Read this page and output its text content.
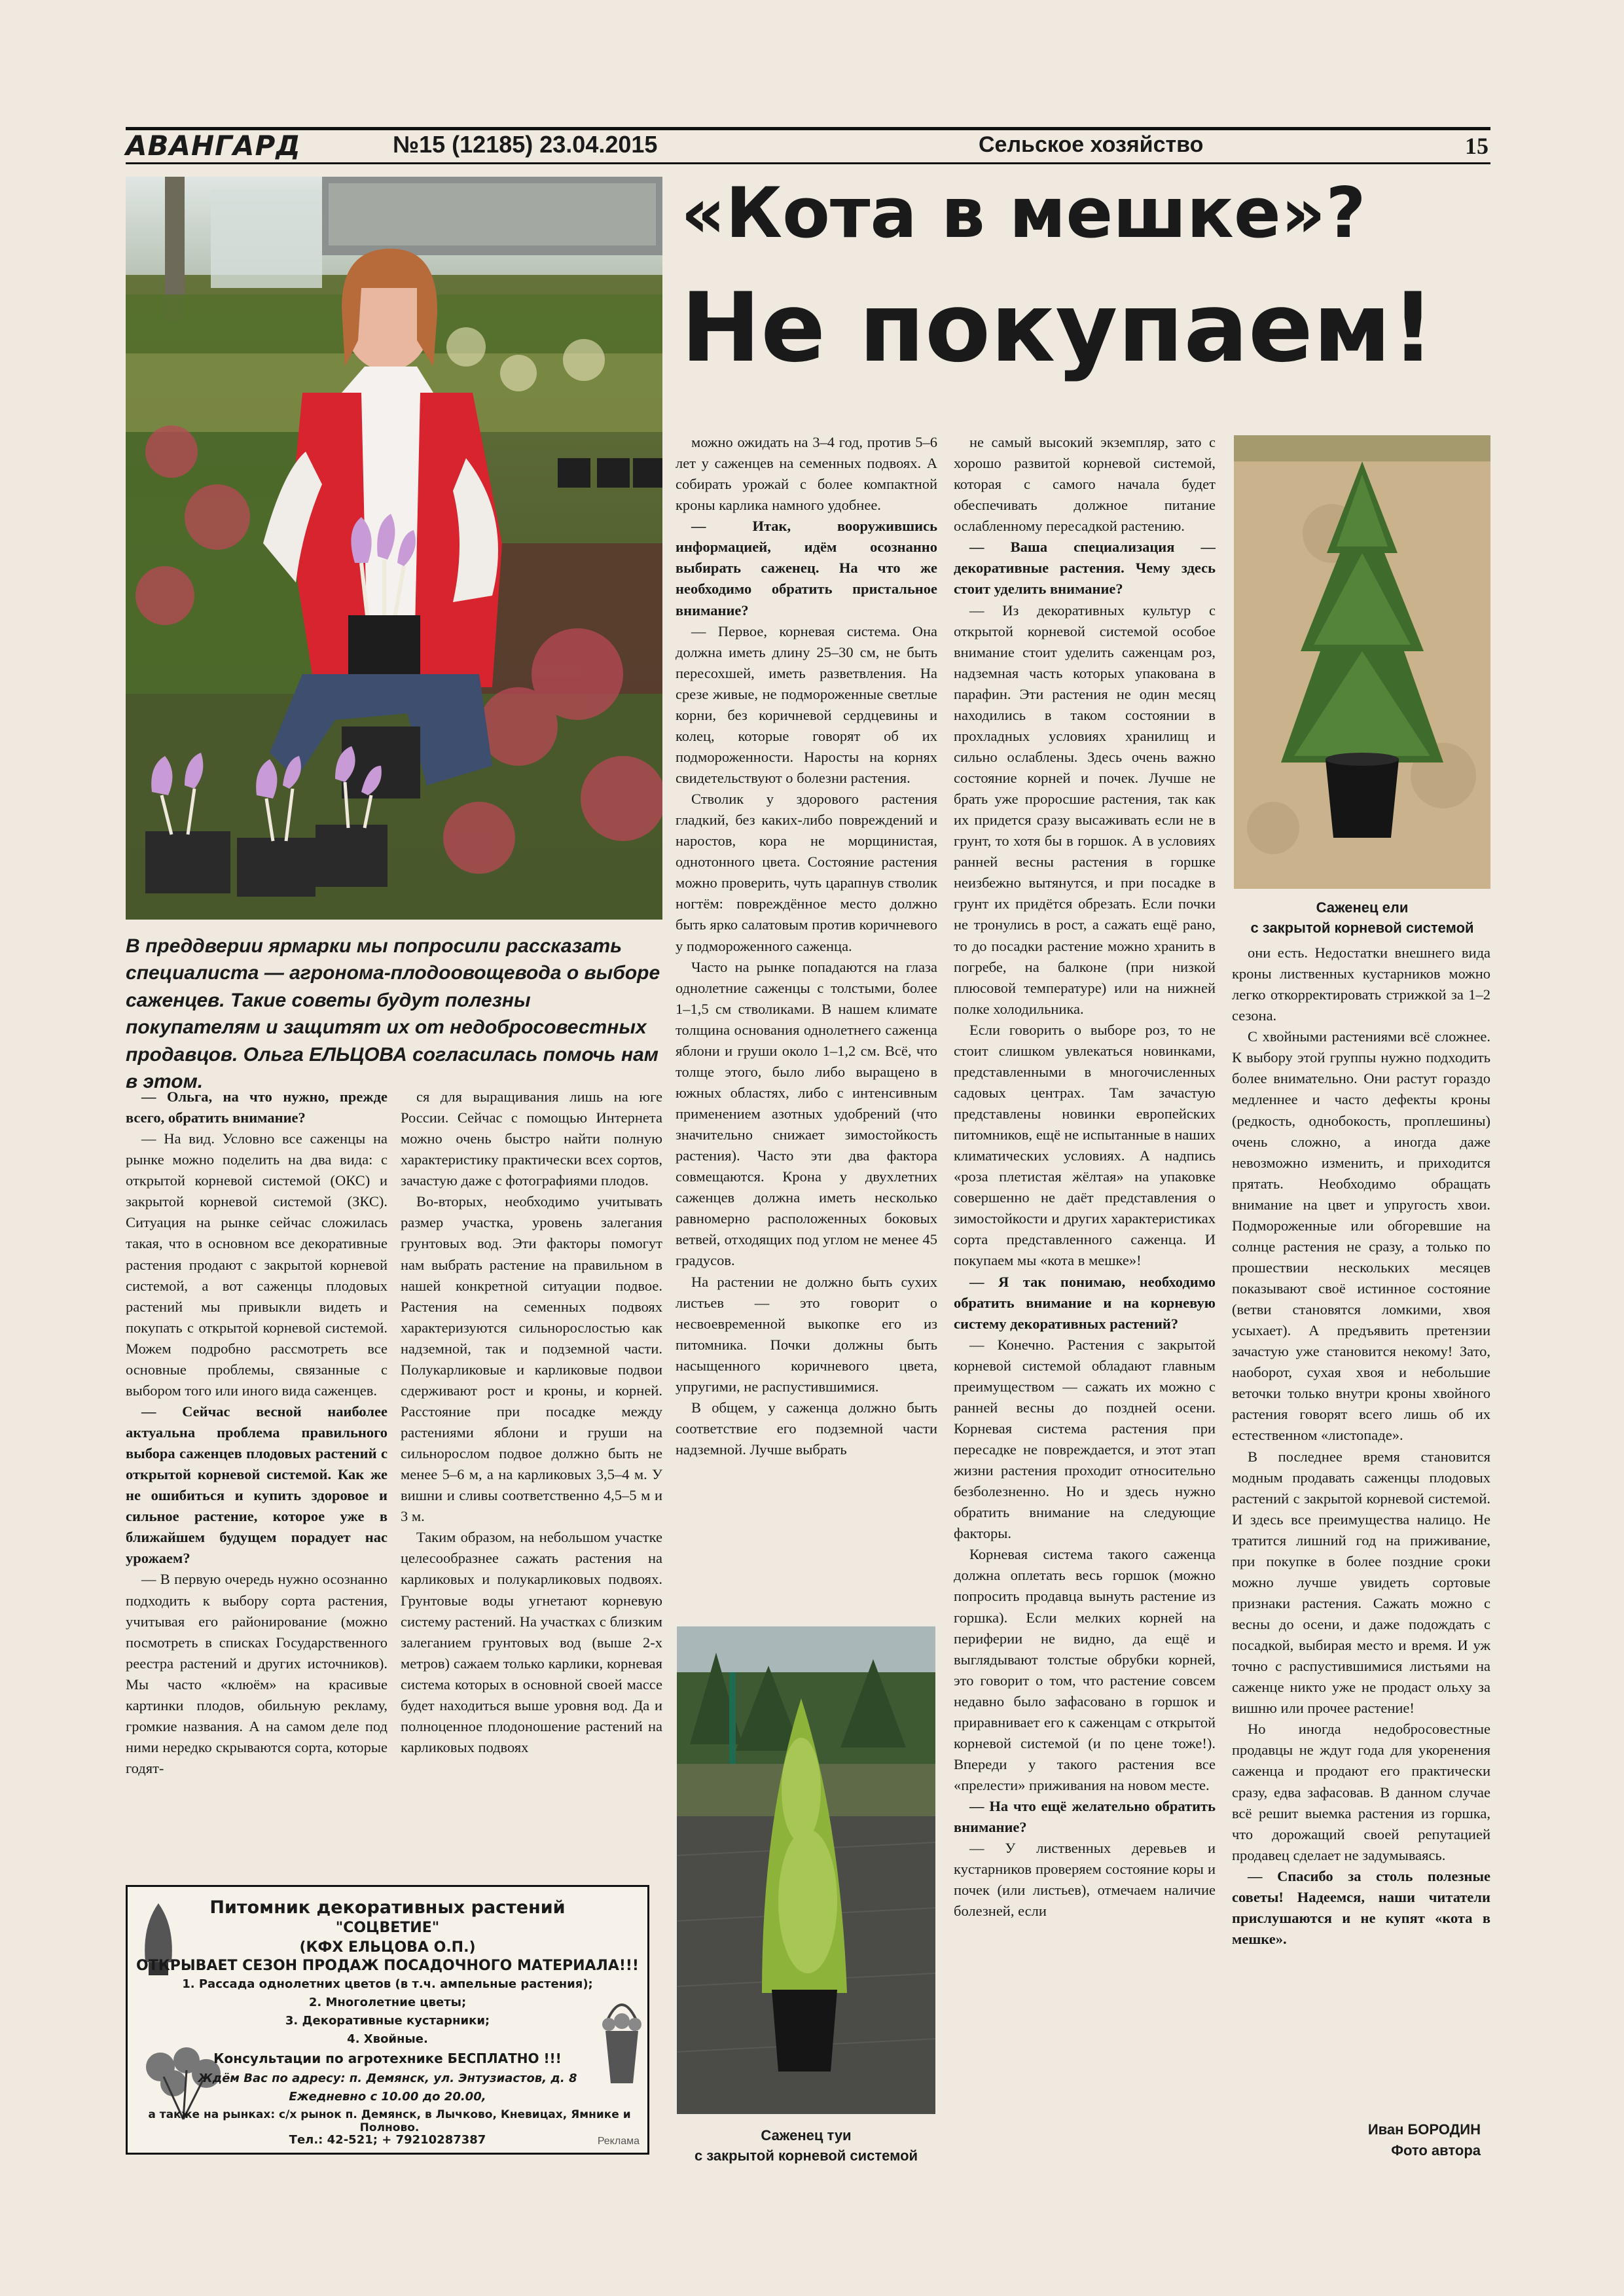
АВАНГАРД	№15 (12185) 23.04.2015	Сельское хозяйство	15
«Кота в мешке»?
Не покупаем!
В преддверии ярмарки мы попросили рассказать специалиста — агронома-плодоовощевода о выборе саженцев. Такие советы будут полезны покупателям и защитят их от недобросовестных продавцов. Ольга ЕЛЬЦОВА согласилась помочь нам в этом.

— Ольга, на что нужно, прежде всего, обратить внимание?

— На вид. Условно все саженцы на рынке можно поделить на два вида: с открытой корневой системой (ОКС) и закрытой корневой системой (ЗКС). Ситуация на рынке сейчас сложилась такая, что в основном все декоративные растения продают с закрытой корневой системой, а вот саженцы плодовых растений мы привыкли видеть и покупать с открытой корневой системой. Можем подробно рассмотреть все основные проблемы, связанные с выбором того или иного вида саженцев.

— Сейчас весной наиболее актуальна проблема правильного выбора саженцев плодовых растений с открытой корневой системой. Как же не ошибиться и купить здоровое и сильное растение, которое уже в ближайшем будущем порадует нас урожаем?

— В первую очередь нужно осознанно подходить к выбору сорта растения, учитывая его районирование (можно посмотреть в списках Государственного реестра растений и других источников). Мы часто «клюём» на красивые картинки плодов, обильную рекламу, громкие названия. А на самом деле под ними нередко скрываются сорта, которые годят-

ся для выращивания лишь на юге России. Сейчас с помощью Интернета можно очень быстро найти полную характеристику практически всех сортов, зачастую даже с фотографиями плодов.

Во-вторых, необходимо учитывать размер участка, уровень залегания грунтовых вод. Эти факторы помогут нам выбрать растение на правильном в нашей конкретной ситуации подвое. Растения на семенных подвоях характеризуются сильнорослостью как надземной, так и подземной части. Полукарликовые и карликовые подвои сдерживают рост и кроны, и корней. Расстояние при посадке между растениями яблони и груши на сильнорослом подвое должно быть не менее 5–6 м, а на карликовых 3,5–4 м. У вишни и сливы соответственно 4,5–5 м и 3 м.

Таким образом, на небольшом участке целесообразнее сажать растения на карликовых и полукарликовых подвоях. Грунтовые воды угнетают корневую систему растений. На участках с близким залеганием грунтовых вод (выше 2-х метров) сажаем только карлики, корневая система которых в основной своей массе будет находиться выше уровня вод. Да и полноценное плодоношение растений на карликовых подвоях

можно ожидать на 3–4 год, против 5–6 лет у саженцев на семенных подвоях. А собирать урожай с более компактной кроны карлика намного удобнее.

— Итак, вооружившись информацией, идём осознанно выбирать саженец. На что же необходимо обратить пристальное внимание?

— Первое, корневая система. Она должна иметь длину 25–30 см, не быть пересохшей, иметь разветвления. На срезе живые, не подмороженные светлые корни, без коричневой сердцевины и колец, которые говорят об их подмороженности. Наросты на корнях свидетельствуют о болезни растения.

Стволик у здорового растения гладкий, без каких-либо повреждений и наростов, кора не морщинистая, однотонного цвета. Состояние растения можно проверить, чуть царапнув стволик ногтём: повреждённое место должно быть ярко салатовым против коричневого у подмороженного саженца.

Часто на рынке попадаются на глаза однолетние саженцы с толстыми, более 1–1,5 см стволиками. В нашем климате толщина основания однолетнего саженца яблони и груши около 1–1,2 см. Всё, что толще этого, было либо выращено в южных областях, либо с интенсивным применением азотных удобрений (что значительно снижает зимостойкость растения). Часто эти два фактора совмещаются. Крона у двухлетних саженцев должна иметь несколько равномерно расположенных боковых ветвей, отходящих под углом не менее 45 градусов.

На растении не должно быть сухих листьев — это говорит о несвоевременной выкопке его из питомника. Почки должны быть насыщенного коричневого цвета, упругими, не распустившимися.

В общем, у саженца должно быть соответствие его подземной части надземной. Лучше выбрать

не самый высокий экземпляр, зато с хорошо развитой корневой системой, которая с самого начала будет обеспечивать должное питание ослабленному пересадкой растению.

— Ваша специализация — декоративные растения. Чему здесь стоит уделить внимание?

— Из декоративных культур с открытой корневой системой особое внимание стоит уделить саженцам роз, надземная часть которых упакована в парафин. Эти растения не один месяц находились в таком состоянии в прохладных условиях хранилищ и сильно ослаблены. Здесь очень важно состояние корней и почек. Лучше не брать уже проросшие растения, так как их придется сразу высаживать если не в грунт, то хотя бы в горшок. А в условиях ранней весны растения в горшке неизбежно вытянутся, и при посадке в грунт их придётся обрезать. Если почки не тронулись в рост, а сажать ещё рано, то до посадки растение можно хранить в погребе, на балконе (при низкой плюсовой температуре) или на нижней полке холодильника.

Если говорить о выборе роз, то не стоит слишком увлекаться новинками, представленными в многочисленных садовых центрах. Там зачастую представлены новинки европейских питомников, ещё не испытанные в наших климатических условиях. А надпись «роза плетистая жёлтая» на упаковке совершенно не даёт представления о зимостойкости и других характеристиках сорта представленного саженца. И покупаем мы «кота в мешке»!

— Я так понимаю, необходимо обратить внимание и на корневую систему декоративных растений?

— Конечно. Растения с закрытой корневой системой обладают главным преимуществом — сажать их можно с ранней весны до поздней осени. Корневая система растения при пересадке не повреждается, и этот этап жизни растения проходит относительно безболезненно. Но и здесь нужно обратить внимание на следующие факторы.

Корневая система такого саженца должна оплетать весь горшок (можно попросить продавца вынуть растение из горшка). Если мелких корней на периферии не видно, да ещё и выглядывают толстые обрубки корней, это говорит о том, что растение совсем недавно было зафасовано в горшок и приравнивает его к саженцам с открытой корневой системой (и по цене тоже!). Впереди у такого растения все «прелести» приживания на новом месте.

— На что ещё желательно обратить внимание?

— У лиственных деревьев и кустарников проверяем состояние коры и почек (или листьев), отмечаем наличие болезней, если

они есть. Недостатки внешнего вида кроны лиственных кустарников можно легко откорректировать стрижкой за 1–2 сезона.

С хвойными растениями всё сложнее. К выбору этой группы нужно подходить более внимательно. Они растут гораздо медленнее и часто дефекты кроны (редкость, однобокость, проплешины) очень сложно, а иногда даже невозможно изменить, и приходится прятать. Необходимо обращать внимание на цвет и упругость хвои. Подмороженные или обгоревшие на солнце растения не сразу, а только по прошествии нескольких месяцев показывают своё истинное состояние (ветви становятся ломкими, хвоя усыхает). А предъявить претензии зачастую уже становится некому! Зато, наоборот, сухая хвоя и небольшие веточки только внутри кроны хвойного растения говорят всего лишь об их естественном «листопаде».

В последнее время становится модным продавать саженцы плодовых растений с закрытой корневой системой. И здесь все преимущества налицо. Не тратится лишний год на приживание, при покупке в более поздние сроки можно лучше увидеть сортовые признаки растения. Сажать можно с весны до осени, и даже подождать с посадкой, выбирая место и время. И уж точно с распустившимися листьями на саженце никто уже не продаст ольху за вишню или прочее растение!

Но иногда недобросовестные продавцы не ждут года для укоренения саженца и продают его практически сразу, едва зафасовав. В данном случае всё решит выемка растения из горшка, что дорожащий своей репутацией продавец сделает не задумываясь.

— Спасибо за столь полезные советы! Надеемся, наши читатели прислушаются и не купят «кота в мешке».

Саженец ели
с закрытой корневой системой
Саженец туи
с закрытой корневой системой
Иван БОРОДИН
Фото автора
Питомник декоративных растений
"СОЦВЕТИЕ"
(КФХ ЕЛЬЦОВА О.П.)
ОТКРЫВАЕТ СЕЗОН ПРОДАЖ ПОСАДОЧНОГО МАТЕРИАЛА!!!
1. Рассада однолетних цветов (в т.ч. ампельные растения);
2. Многолетние цветы;
3. Декоративные кустарники;
4. Хвойные.
Консультации по агротехнике БЕСПЛАТНО !!!
Ждём Вас по адресу: п. Демянск, ул. Энтузиастов, д. 8
Ежедневно с 10.00 до 20.00,
а также на рынках: с/х рынок п. Демянск, в Лычково, Кневицах, Ямнике и Полново.
Тел.: 42-521; + 79210287387	Реклама
